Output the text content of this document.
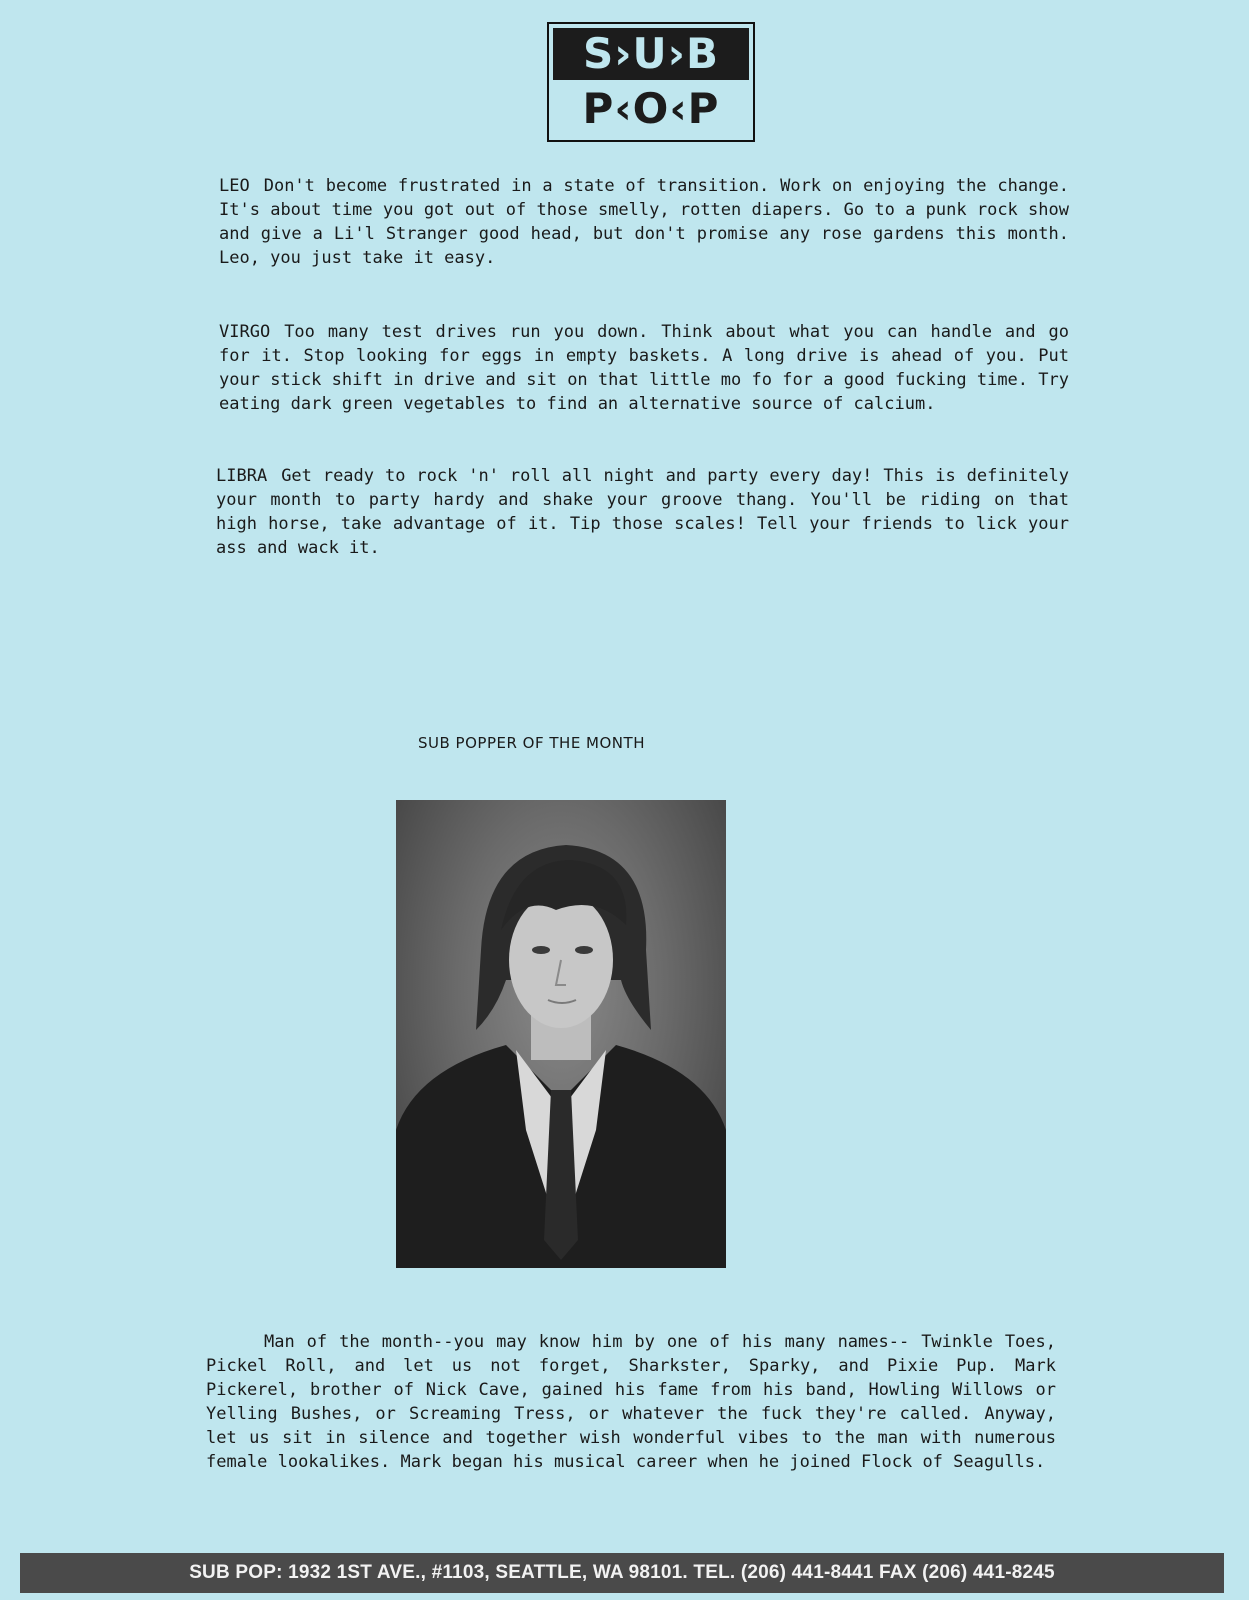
S›U›B
P‹O‹P

LEO Don't become frustrated in a state of transition. Work on enjoying the change. It's about time you got out of those smelly, rotten diapers. Go to a punk rock show and give a Li'l Stranger good head, but don't promise any rose gardens this month. Leo, you just take it easy.

VIRGO Too many test drives run you down. Think about what you can handle and go for it. Stop looking for eggs in empty baskets. A long drive is ahead of you. Put your stick shift in drive and sit on that little mo fo for a good fucking time. Try eating dark green vegetables to find an alternative source of calcium.

LIBRA Get ready to rock 'n' roll all night and party every day! This is definitely your month to party hardy and shake your groove thang. You'll be riding on that high horse, take advantage of it. Tip those scales! Tell your friends to lick your ass and wack it.

SUB POPPER OF THE MONTH

Man of the month--you may know him by one of his many names-- Twinkle Toes, Pickel Roll, and let us not forget, Sharkster, Sparky, and Pixie Pup. Mark Pickerel, brother of Nick Cave, gained his fame from his band, Howling Willows or Yelling Bushes, or Screaming Tress, or whatever the fuck they're called. Anyway, let us sit in silence and together wish wonderful vibes to the man with numerous female lookalikes. Mark began his musical career when he joined Flock of Seagulls.

SUB POP: 1932 1ST AVE., #1103, SEATTLE, WA 98101. TEL. (206) 441-8441 FAX (206) 441-8245
